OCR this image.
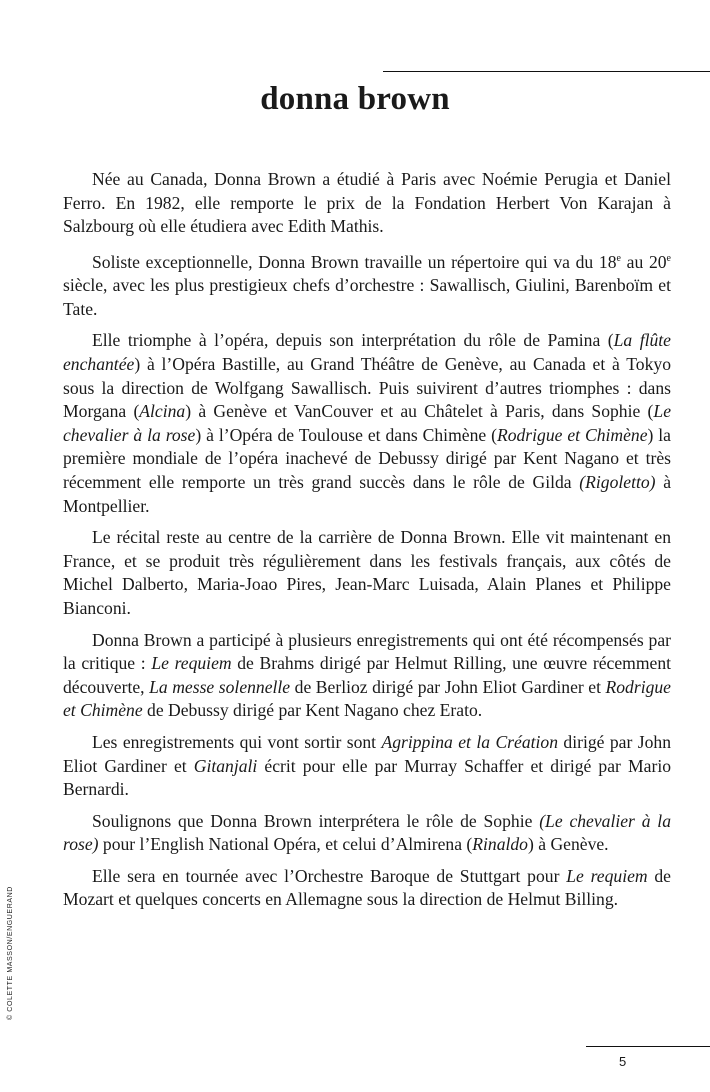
donna brown

Née au Canada, Donna Brown a étudié à Paris avec Noémie Perugia et Daniel Ferro. En 1982, elle remporte le prix de la Fondation Herbert Von Karajan à Salzbourg où elle étudiera avec Edith Mathis.

Soliste exceptionnelle, Donna Brown travaille un répertoire qui va du 18e au 20e siècle, avec les plus prestigieux chefs d’orchestre : Sawallisch, Giulini, Barenboïm et Tate.

Elle triomphe à l’opéra, depuis son interprétation du rôle de Pamina (La flûte enchantée) à l’Opéra Bastille, au Grand Théâtre de Genève, au Canada et à Tokyo sous la direction de Wolfgang Sawallisch. Puis suivirent d’autres triomphes : dans Morgana (Alcina) à Genève et VanCouver et au Châtelet à Paris, dans Sophie (Le chevalier à la rose) à l’Opéra de Toulouse et dans Chimène (Rodrigue et Chimène) la première mondiale de l’opéra inachevé de Debussy dirigé par Kent Nagano et très récemment elle remporte un très grand succès dans le rôle de Gilda (Rigoletto) à Montpellier.

Le récital reste au centre de la carrière de Donna Brown. Elle vit maintenant en France, et se produit très régulièrement dans les festivals français, aux côtés de Michel Dalberto, Maria-Joao Pires, Jean-Marc Luisada, Alain Planes et Philippe Bianconi.

Donna Brown a participé à plusieurs enregistrements qui ont été récompensés par la critique : Le requiem de Brahms dirigé par Helmut Rilling, une œuvre récemment découverte, La messe solennelle de Berlioz dirigé par John Eliot Gardiner et Rodrigue et Chimène de Debussy dirigé par Kent Nagano chez Erato.

Les enregistrements qui vont sortir sont Agrippina et la Création dirigé par John Eliot Gardiner et Gitanjali écrit pour elle par Murray Schaffer et dirigé par Mario Bernardi.

Soulignons que Donna Brown interprétera le rôle de Sophie (Le chevalier à la rose) pour l’English National Opéra, et celui d’Almirena (Rinaldo) à Genève.

Elle sera en tournée avec l’Orchestre Baroque de Stuttgart pour Le requiem de Mozart et quelques concerts en Allemagne sous la direction de Helmut Billing.

© COLETTE MASSON/ENGUERAND
5
